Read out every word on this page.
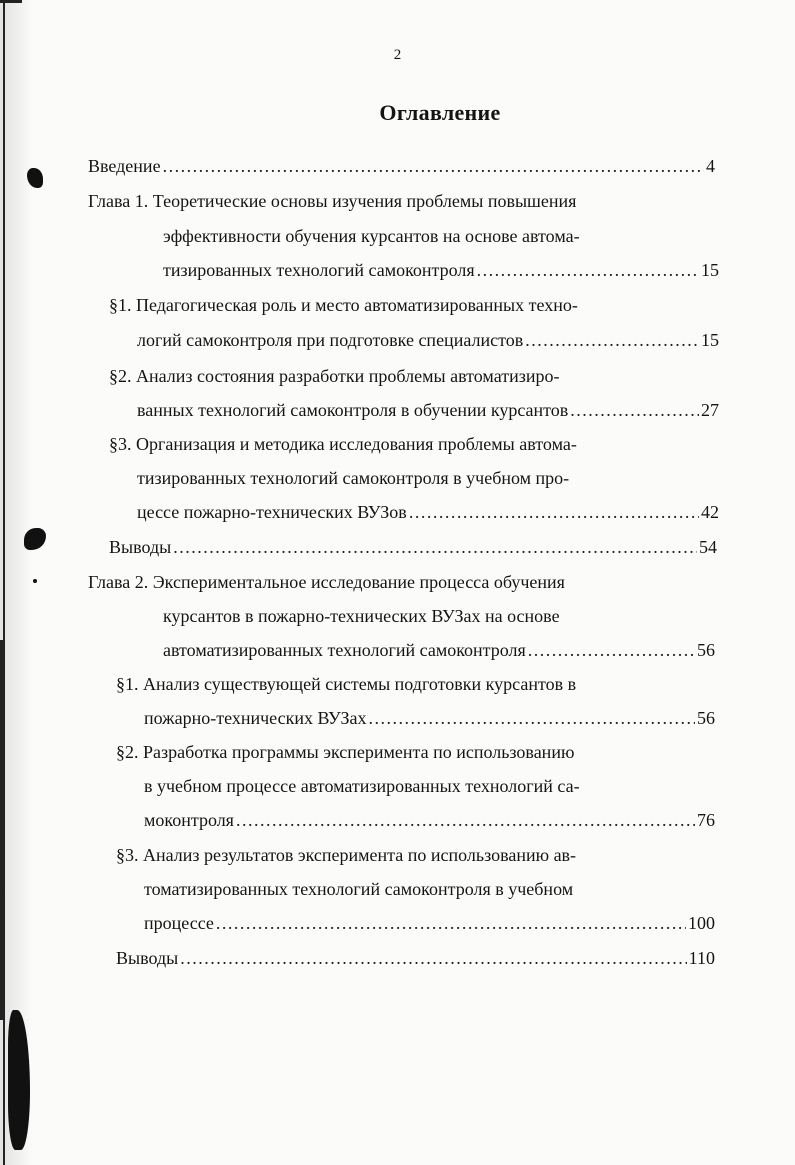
2
Оглавление
Введение .....	4
Глава 1. Теоретические основы изучения проблемы повышения
эффективности обучения курсантов на основе автома-
тизированных технологий самоконтроля .....	15
§1. Педагогическая роль и место автоматизированных техно-
логий самоконтроля при подготовке специалистов .....	15
§2. Анализ состояния разработки проблемы автоматизиро-
ванных технологий самоконтроля в обучении курсантов .....	27
§3. Организация и методика исследования проблемы автома-
тизированных технологий самоконтроля в учебном про-
цессе пожарно-технических ВУЗов .....	42
Выводы .....	54
Глава 2. Экспериментальное исследование процесса обучения
курсантов в пожарно-технических ВУЗах на основе
автоматизированных технологий самоконтроля .....	56
§1. Анализ существующей системы подготовки курсантов в
пожарно-технических ВУЗах .....	56
§2. Разработка программы эксперимента по использованию
в учебном процессе автоматизированных технологий са-
моконтроля .....	76
§3. Анализ результатов эксперимента по использованию ав-
томатизированных технологий самоконтроля в учебном
процессе .....	100
Выводы .....	110
